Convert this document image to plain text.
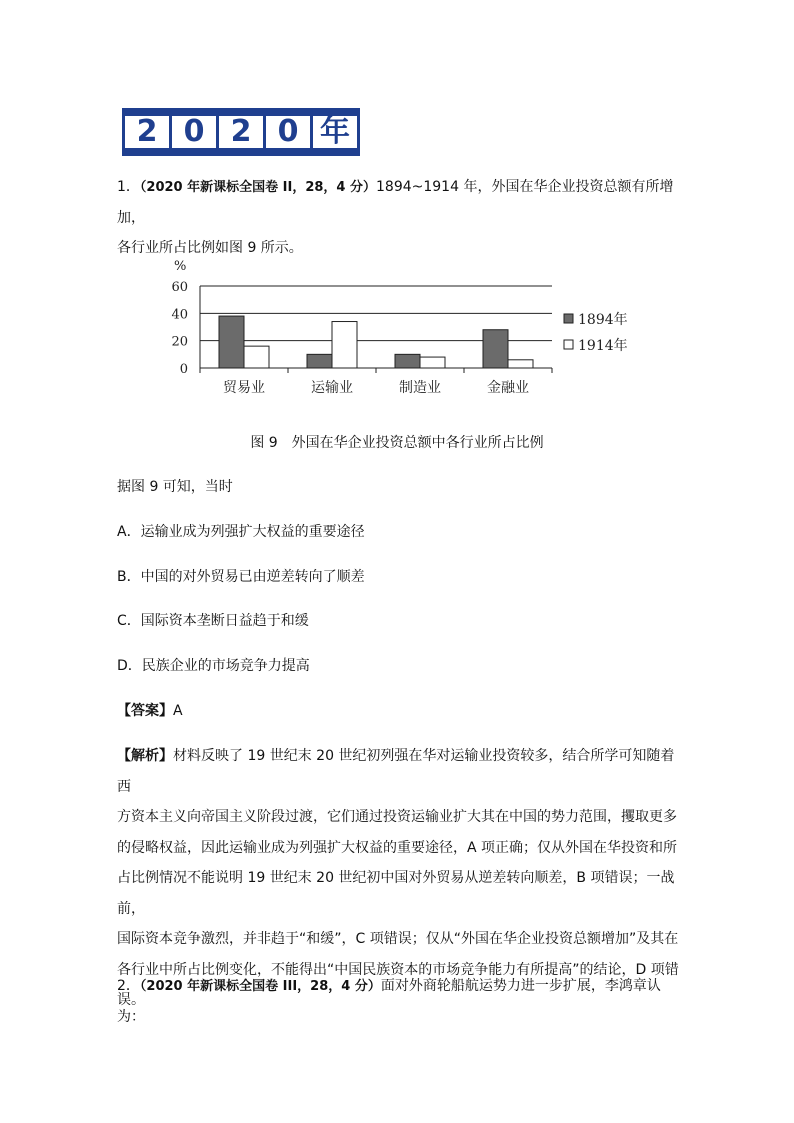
2 0 2 0 年

1．（2020 年新课标全国卷 II，28，4 分）1894~1914 年，外国在华企业投资总额有所增加，
各行业所占比例如图 9 所示。

%
0
20
40
60
贸易业	运输业	制造业	金融业
1894年
1914年
图 9　外国在华企业投资总额中各行业所占比例

据图 9 可知，当时

A．运输业成为列强扩大权益的重要途径

B．中国的对外贸易已由逆差转向了顺差

C．国际资本垄断日益趋于和缓

D．民族企业的市场竞争力提高

【答案】A

【解析】材料反映了 19 世纪末 20 世纪初列强在华对运输业投资较多，结合所学可知随着西
方资本主义向帝国主义阶段过渡，它们通过投资运输业扩大其在中国的势力范围，攫取更多
的侵略权益，因此运输业成为列强扩大权益的重要途径，A 项正确；仅从外国在华投资和所
占比例情况不能说明 19 世纪末 20 世纪初中国对外贸易从逆差转向顺差，B 项错误；一战前，
国际资本竞争激烈，并非趋于“和缓”，C 项错误；仅从“外国在华企业投资总额增加”及其在
各行业中所占比例变化，不能得出“中国民族资本的市场竞争能力有所提高”的结论，D 项错
误。

2．（2020 年新课标全国卷 III，28，4 分）面对外商轮船航运势力进一步扩展，李鸿章认为：
